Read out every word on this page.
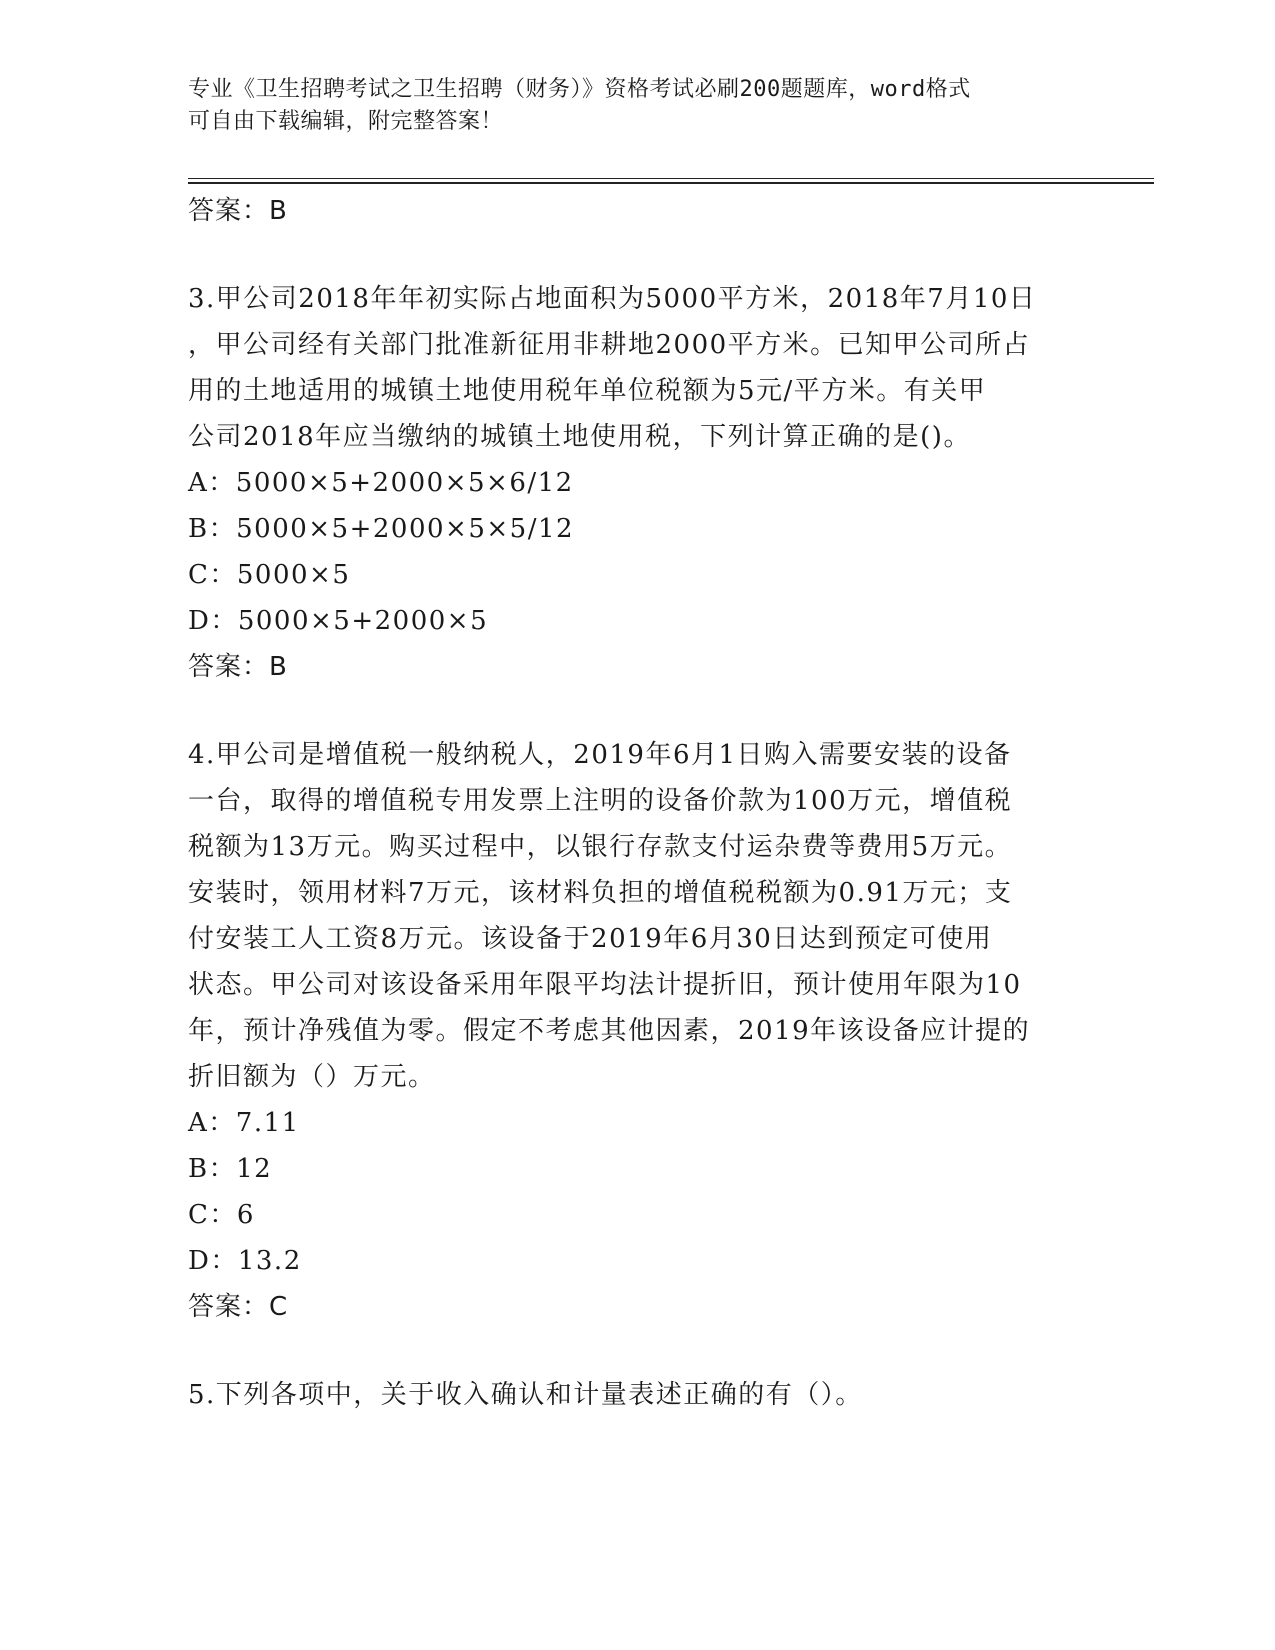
专业《卫生招聘考试之卫生招聘（财务）》资格考试必刷200题题库，word格式
可自由下载编辑，附完整答案！
答案：B
3.甲公司2018年年初实际占地面积为5000平方米，2018年7月10日
，甲公司经有关部门批准新征用非耕地2000平方米。已知甲公司所占
用的土地适用的城镇土地使用税年单位税额为5元/平方米。有关甲
公司2018年应当缴纳的城镇土地使用税，下列计算正确的是()。
A：5000×5+2000×5×6/12
B：5000×5+2000×5×5/12
C：5000×5
D：5000×5+2000×5
答案：B
4.甲公司是增值税一般纳税人，2019年6月1日购入需要安装的设备
一台，取得的增值税专用发票上注明的设备价款为100万元，增值税
税额为13万元。购买过程中，以银行存款支付运杂费等费用5万元。
安装时，领用材料7万元，该材料负担的增值税税额为0.91万元；支
付安装工人工资8万元。该设备于2019年6月30日达到预定可使用
状态。甲公司对该设备采用年限平均法计提折旧，预计使用年限为10
年，预计净残值为零。假定不考虑其他因素，2019年该设备应计提的
折旧额为（）万元。
A：7.11
B：12
C：6
D：13.2
答案：C
5.下列各项中，关于收入确认和计量表述正确的有（）。
